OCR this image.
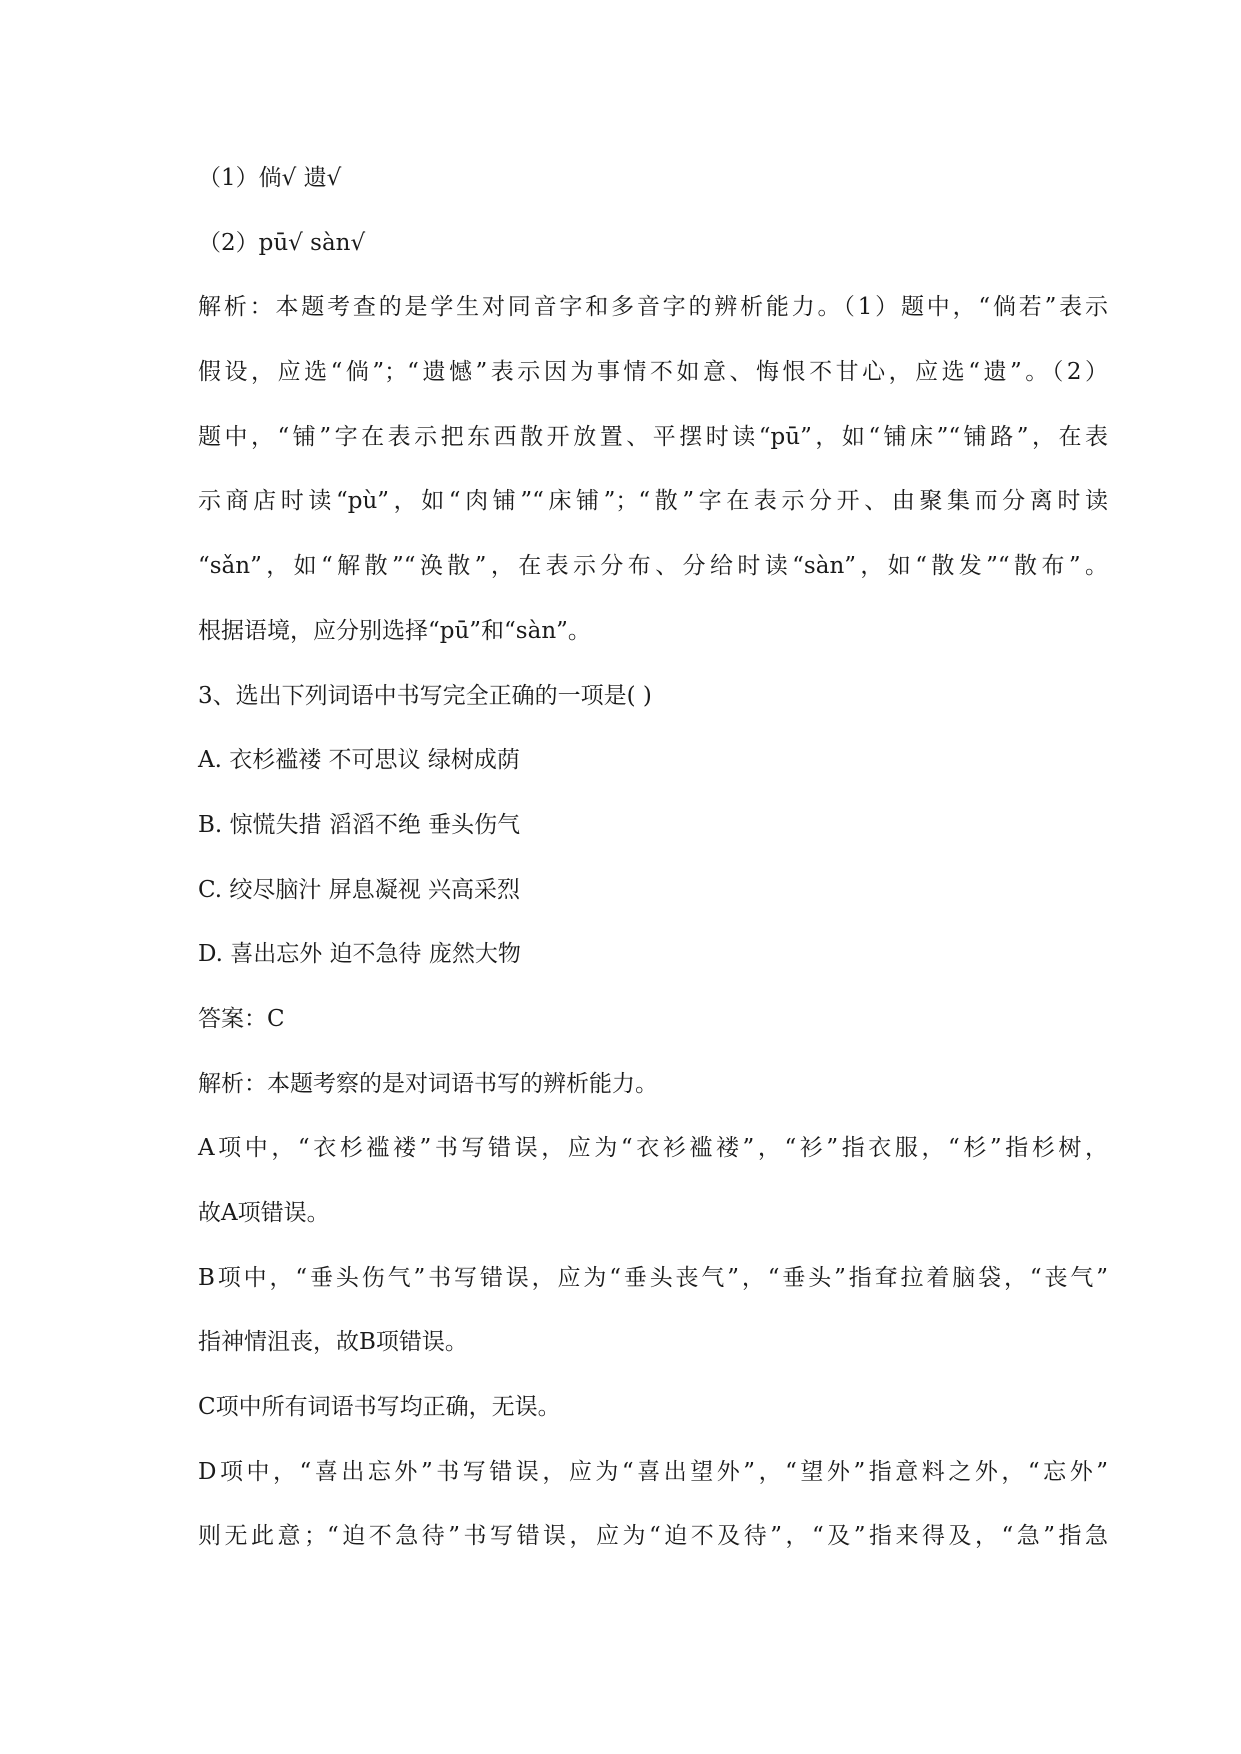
（1）倘√ 遗√

（2）pū√ sàn√

解析：本题考查的是学生对同音字和多音字的辨析能力。（1）题中，“倘若”表示
假设，应选“倘”；“遗憾”表示因为事情不如意、悔恨不甘心，应选“遗”。（2）
题中，“铺”字在表示把东西散开放置、平摆时读“pū”，如“铺床”“铺路”，在表
示商店时读“pù”，如“肉铺”“床铺”；“散”字在表示分开、由聚集而分离时读
“sǎn”，如“解散”“涣散”，在表示分布、分给时读“sàn”，如“散发”“散布”。
根据语境，应分别选择“pū”和“sàn”。

3、选出下列词语中书写完全正确的一项是( )

A. 衣杉褴褛 不可思议 绿树成荫

B. 惊慌失措 滔滔不绝 垂头伤气

C. 绞尽脑汁 屏息凝视 兴高采烈

D. 喜出忘外 迫不急待 庞然大物

答案：C

解析：本题考察的是对词语书写的辨析能力。

A项中，“衣杉褴褛”书写错误，应为“衣衫褴褛”，“衫”指衣服，“杉”指杉树，
故A项错误。

B项中，“垂头伤气”书写错误，应为“垂头丧气”，“垂头”指耷拉着脑袋，“丧气”
指神情沮丧，故B项错误。

C项中所有词语书写均正确，无误。

D项中，“喜出忘外”书写错误，应为“喜出望外”，“望外”指意料之外，“忘外”
则无此意；“迫不急待”书写错误，应为“迫不及待”，“及”指来得及，“急”指急
